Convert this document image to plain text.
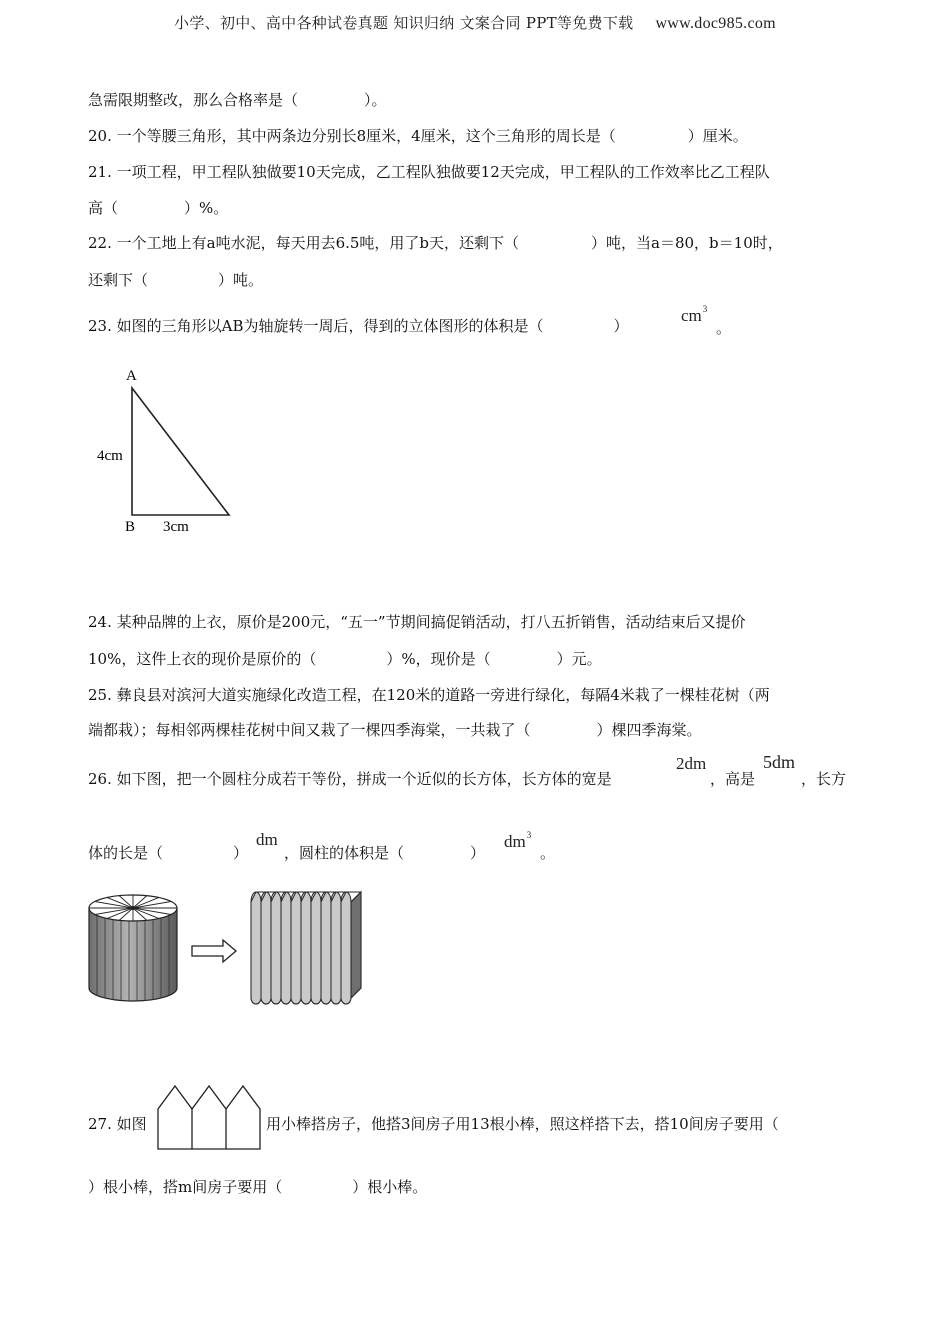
小学、初中、高中各种试卷真题 知识归纳 文案合同 PPT等免费下载 www.doc985.com
急需限期整改，那么合格率是（	）。
20. 一个等腰三角形，其中两条边分别长8厘米，4厘米，这个三角形的周长是（	）厘米。
21. 一项工程，甲工程队独做要10天完成，乙工程队独做要12天完成，甲工程队的工作效率比乙工程队
高（	）%。
22. 一个工地上有a吨水泥，每天用去6.5吨，用了b天，还剩下（	）吨，当a＝80，b＝10时，
还剩下（	）吨。
23. 如图的三角形以AB为轴旋转一周后，得到的立体图形的体积是（	）
$cm^3$
。
A
B
4cm
3cm
24. 某种品牌的上衣，原价是200元，“五一”节期间搞促销活动，打八五折销售，活动结束后又提价
10%，这件上衣的现价是原价的（	）%，现价是（	）元。
25. 彝良县对滨河大道实施绿化改造工程，在120米的道路一旁进行绿化，每隔4米栽了一棵桂花树（两
端都栽）；每相邻两棵桂花树中间又栽了一棵四季海棠，一共栽了（	）棵四季海棠。
26. 如下图，把一个圆柱分成若干等份，拼成一个近似的长方体，长方体的宽是
2dm
，高是
5dm
，长方
体的长是（	）
dm
，圆柱的体积是（	）
$dm^3$
。
27. 如图	用小棒搭房子，他搭3间房子用13根小棒，照这样搭下去，搭10间房子要用（
）根小棒，搭m间房子要用（	）根小棒。
